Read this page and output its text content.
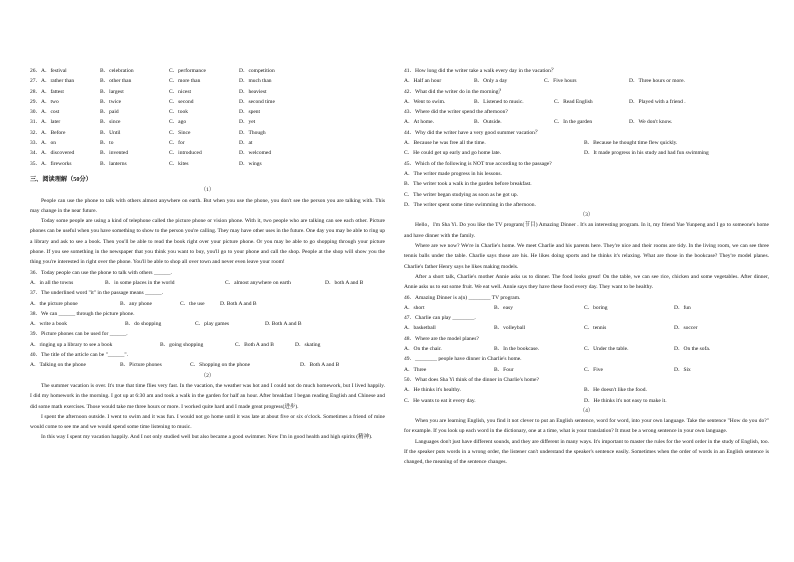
26．A．festival	B．celebration	C．performance	D．competition
27．A．rather than	B．other than	C．more than	D．much than
28．A．fattest	B．largest	C．nicest	D．heaviest
29．A．two	B．twice	C．second	D．second time
30．A．cost	B．paid	C．took	D．spent
31．A．later	B．since	C．ago	D．yet
32．A．Before	B．Until	C．Since	D．Though
33．A．on	B．to	C．for	D．at
34．A．discovered	B．invented	C．introduced	D．welcomed
35．A．fireworks	B．lanterns	C．kites	D．wings
三、阅读理解（50分）
（1）
People can use the phone to talk with others almost anywhere on earth. But when you use the phone, you don't see the person you are talking with. This may change in the near future.
Today some people are using a kind of telephone called the picture phone or vision phone. With it, two people who are talking can see each other. Picture phones can be useful when you have something to show to the person you're calling. They may have other uses in the future. One day you may be able to ring up a library and ask to see a book. Then you'll be able to read the book right over your picture phone. Or you may be able to go shopping through your picture phone. If you see something in the newspaper that you think you want to buy, you'll go to your phone and call the shop. People at the shop will show you the thing you're interested in right over the phone. You'll be able to shop all over town and never even leave your room!
36．Today people can use the phone to talk with others ______.
A．in all the towns	B．in some places in the world	C．almost anywhere on earth	D．both A and B
37．The underlined word "it" in the passage means ______.
A．the picture phone	B．any phone	C．the use	D. Both A and B
38．We can ______ through the picture phone.
A．write a book	B．do shopping	C．play games	D. Both A and B
39．Picture phones can be used for ______.
A．ringing up a library to see a book	B．going shopping	C．Both A and B	D．skating
40．The title of the article can be "______".
A．Talking on the phone	B．Picture phones	C．Shopping on the phone	D．Both A and B
（2）
The summer vacation is over. It's true that time flies very fast. In the vacation, the weather was hot and I could not do much homework, but I lived happily. I did my homework in the morning. I got up at 6:30 am and took a walk in the garden for half an hour. After breakfast I began reading English and Chinese and did some math exercises. Those would take me three hours or more. I worked quite hard and I made great progress(进步).
I spent the afternoon outside. I went to swim and it was fun. I would not go home until it was late at about five or six o'clock. Sometimes a friend of mine would come to see me and we would spend some time listening to music.
In this way I spent my vacation happily. And I not only studied well but also became a good swimmer. Now I'm in good health and high spirits (精神).
41．How long did the writer take a walk every day in the vacation？
A．Half an hour	B．Only a day	C．Five hours	D．Three hours or more.
42．What did the writer do in the morning？
A．Went to swim.	B．Listened to music.	C．Read English	D．Played with a friend .
43．Where did the writer spend the afternoon?
A．At home.	B．Outside.	C．In the garden	D．We don't know.
44．Why did the writer have a very good summer vacation？
A．Because he was free all the time.	B．Because he thought time flew quickly.
C．He could get up early and go home late.	D．It made progress in his study and had fun swimming
45．Which of the following is NOT true according to the passage?
A．The writer made progress in his lessons.
B．The writer took a walk in the garden before breakfast.
C．The writer began studying as soon as he got up.
D．The writer spent some time swimming in the afternoon.
（3）
Hello，I'm Sha Yi. Do you like the TV program(节目) Amazing Dinner . It's an interesting program. In it, my friend Yue Yunpeng and I go to someone's home and have dinner with the family.
Where are we now? We're in Charlie's home. We meet Charlie and his parents here. They're nice and their rooms are tidy. In the living room, we can see three tennis balls under the table. Charlie says those are his. He likes doing sports and he thinks it's relaxing. What are those in the bookcase? They're model planes. Charlie's father Henry says he likes making models.
After a short talk, Charlie's mother Annie asks us to dinner. The food looks great! On the table, we can see rice, chicken and some vegetables. After dinner, Annie asks us to eat some fruit. We eat well. Annie says they have these food every day. They want to be healthy.
46．Amazing Dinner is a(n) ________ TV program.
A．short	B．easy	C．boring	D．fun
47．Charlie can play ________.
A．basketball	B．volleyball	C．tennis	D．soccer
48．Where are the model planes?
A．On the chair.	B．In the bookcase.	C．Under the table.	D．On the sofa.
49．________ people have dinner in Charlie's home.
A．Three	B．Four	C．Five	D．Six
50．What does Sha Yi think of the dinner in Charlie's home?
A．He thinks it's healthy.	B．He doesn't like the food.
C．He wants to eat it every day.	D．He thinks it's not easy to make it.
（4）
When you are learning English, you find it not clever to put an English sentence, word for word, into your own language. Take the sentence "How do you do?" for example. If you look up each word in the dictionary, one at a time, what is your translation? It must be a wrong sentence in your own language.
Languages don't just have different sounds, and they are different in many ways. It's important to master the rules for the word order in the study of English, too. If the speaker puts words in a wrong order, the listener can't understand the speaker's sentence easily. Sometimes when the order of words in an English sentence is changed, the meaning of the sentence changes.
